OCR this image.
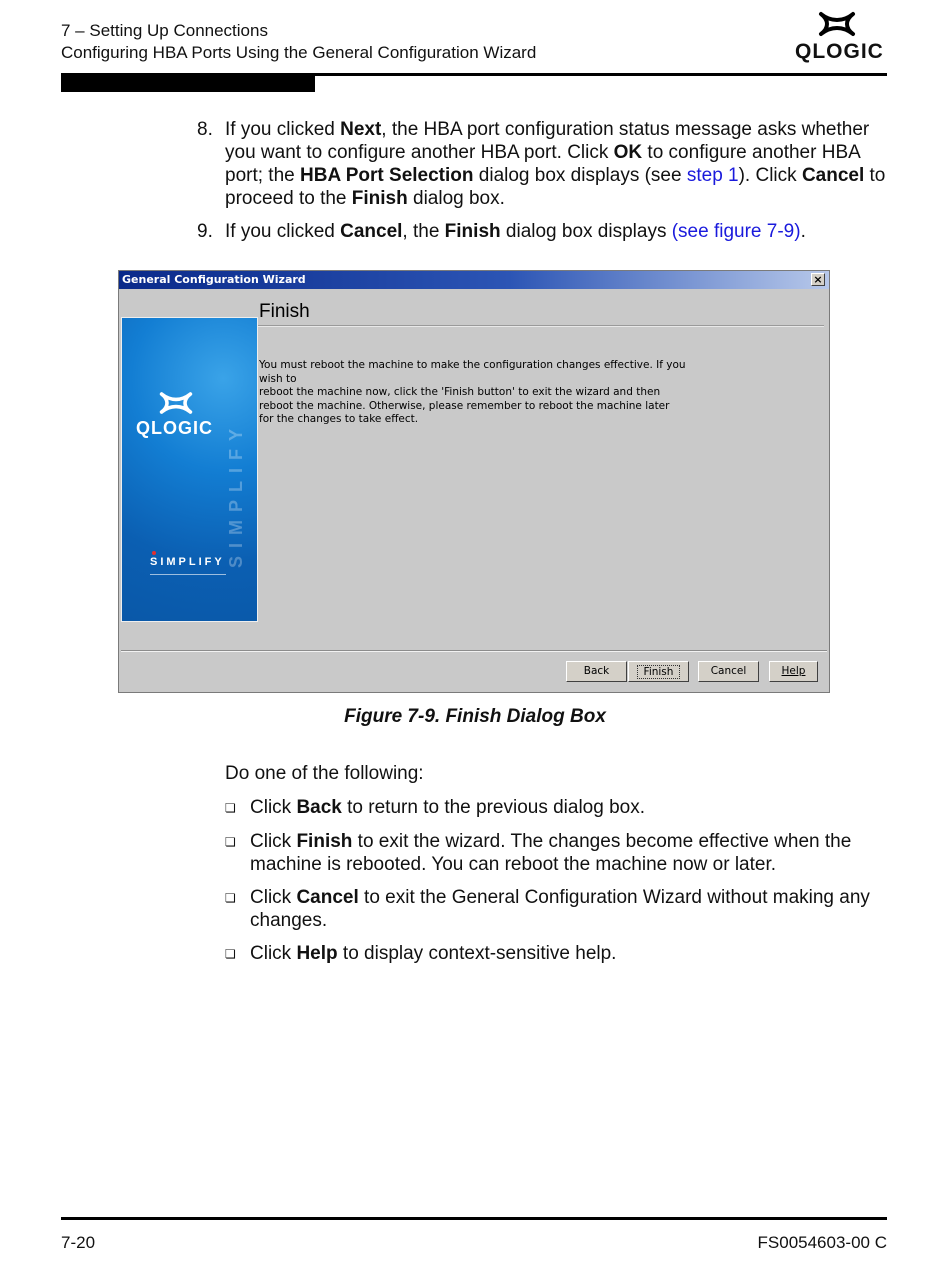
7 – Setting Up Connections
Configuring HBA Ports Using the General Configuration Wizard	QLOGIC
8. If you clicked Next, the HBA port configuration status message asks whether you want to configure another HBA port. Click OK to configure another HBA port; the HBA Port Selection dialog box displays (see step 1). Click Cancel to proceed to the Finish dialog box.
9. If you clicked Cancel, the Finish dialog box displays (see figure 7-9).
General Configuration Wizard	×
QLOGIC SIMPLIFY
SIMPLIFY
Finish
You must reboot the machine to make the configuration changes effective. If you wish to
reboot the machine now, click the 'Finish button' to exit the wizard and then
reboot the machine. Otherwise, please remember to reboot the machine later
for the changes to take effect.
Back	Finish	Cancel	Help
Figure 7-9. Finish Dialog Box
Do one of the following:
❏ Click Back to return to the previous dialog box.
❏ Click Finish to exit the wizard. The changes become effective when the machine is rebooted. You can reboot the machine now or later.
❏ Click Cancel to exit the General Configuration Wizard without making any changes.
❏ Click Help to display context-sensitive help.
7-20	FS0054603-00 C
